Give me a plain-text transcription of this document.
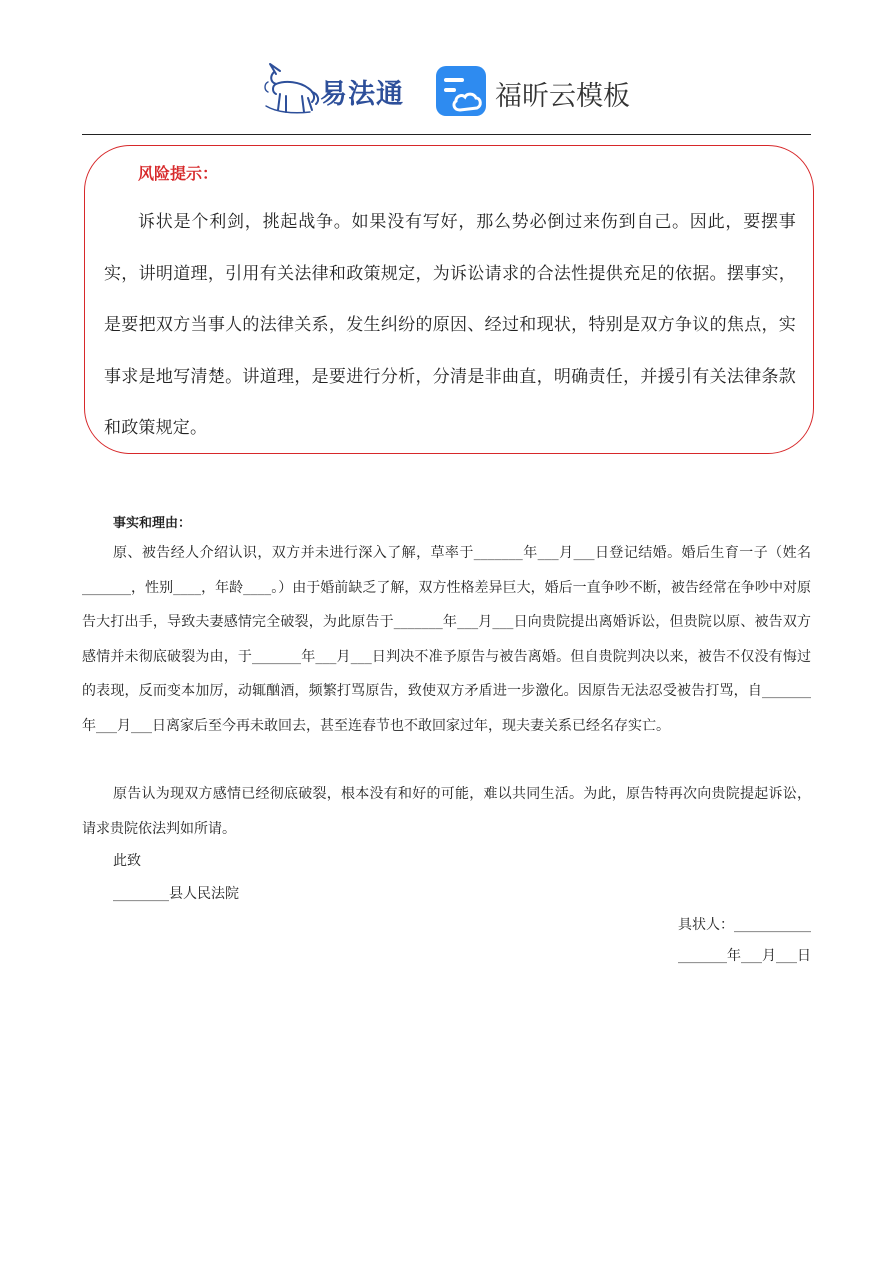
易法通	福昕云模板
风险提示：

诉状是个利剑，挑起战争。如果没有写好，那么势必倒过来伤到自己。因此，要摆事实，讲明道理，引用有关法律和政策规定，为诉讼请求的合法性提供充足的依据。摆事实，是要把双方当事人的法律关系，发生纠纷的原因、经过和现状，特别是双方争议的焦点，实事求是地写清楚。讲道理，是要进行分析，分清是非曲直，明确责任，并援引有关法律条款和政策规定。

事实和理由：

原、被告经人介绍认识，双方并未进行深入了解，草率于_______年___月___日登记结婚。婚后生育一子（姓名_______，性别____，年龄____。）由于婚前缺乏了解，双方性格差异巨大，婚后一直争吵不断，被告经常在争吵中对原告大打出手，导致夫妻感情完全破裂，为此原告于_______年___月___日向贵院提出离婚诉讼，但贵院以原、被告双方感情并未彻底破裂为由，于_______年___月___日判决不准予原告与被告离婚。但自贵院判决以来，被告不仅没有悔过的表现，反而变本加厉，动辄酗酒，频繁打骂原告，致使双方矛盾进一步激化。因原告无法忍受被告打骂，自_______年___月___日离家后至今再未敢回去，甚至连春节也不敢回家过年，现夫妻关系已经名存实亡。

原告认为现双方感情已经彻底破裂，根本没有和好的可能，难以共同生活。为此，原告特再次向贵院提起诉讼，请求贵院依法判如所请。

此致
________县人民法院
具状人：___________
_______年___月___日
